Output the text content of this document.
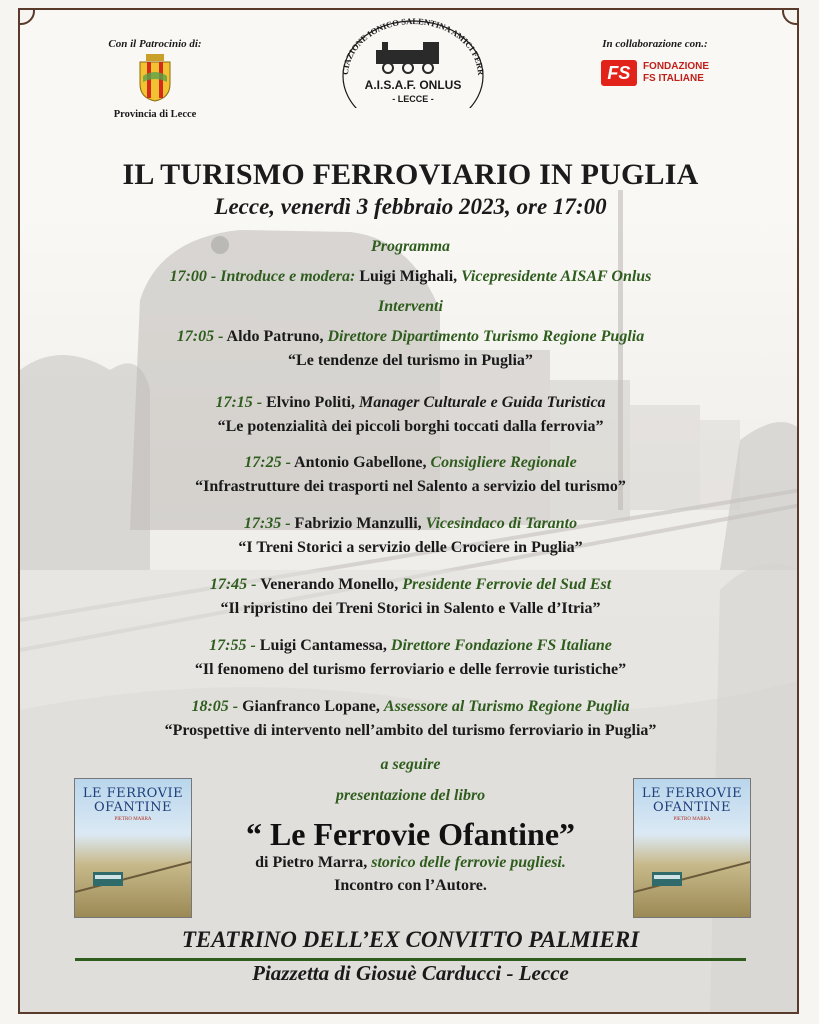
Con il Patrocinio di:
Provincia di Lecce
CIAZIONE IONICO SALENTINA AMICI FERR
A.I.S.A.F. ONLUS
- LECCE -
In collaborazione con.:
FS	FONDAZIONE
FS ITALIANE
IL TURISMO FERROVIARIO IN PUGLIA
Lecce, venerdì 3 febbraio 2023, ore 17:00
Programma
17:00 - Introduce e modera: Luigi Mighali, Vicepresidente AISAF Onlus
Interventi
17:05 - Aldo Patruno, Direttore Dipartimento Turismo Regione Puglia
“Le tendenze del turismo in Puglia”
17:15 - Elvino Politi, Manager Culturale e Guida Turistica
“Le potenzialità dei piccoli borghi toccati dalla ferrovia”
17:25 - Antonio Gabellone, Consigliere Regionale
“Infrastrutture dei trasporti nel Salento a servizio del turismo”
17:35 - Fabrizio Manzulli, Vicesindaco di Taranto
“I Treni Storici a servizio delle Crociere in Puglia”
17:45 - Venerando Monello, Presidente Ferrovie del Sud Est
“Il ripristino dei Treni Storici in Salento e Valle d’Itria”
17:55 - Luigi Cantamessa, Direttore Fondazione FS Italiane
“Il fenomeno del turismo ferroviario e delle ferrovie turistiche”
18:05 - Gianfranco Lopane, Assessore al Turismo Regione Puglia
“Prospettive di intervento nell’ambito del turismo ferroviario in Puglia”
a seguire
presentazione del libro
LE FERROVIE
OFANTINE
PIETRO MARRA
LE FERROVIE
OFANTINE
PIETRO MARRA
“ Le Ferrovie Ofantine”
di Pietro Marra, storico delle ferrovie pugliesi.
Incontro con l’Autore.
TEATRINO DELL’EX CONVITTO PALMIERI
Piazzetta di Giosuè Carducci - Lecce
